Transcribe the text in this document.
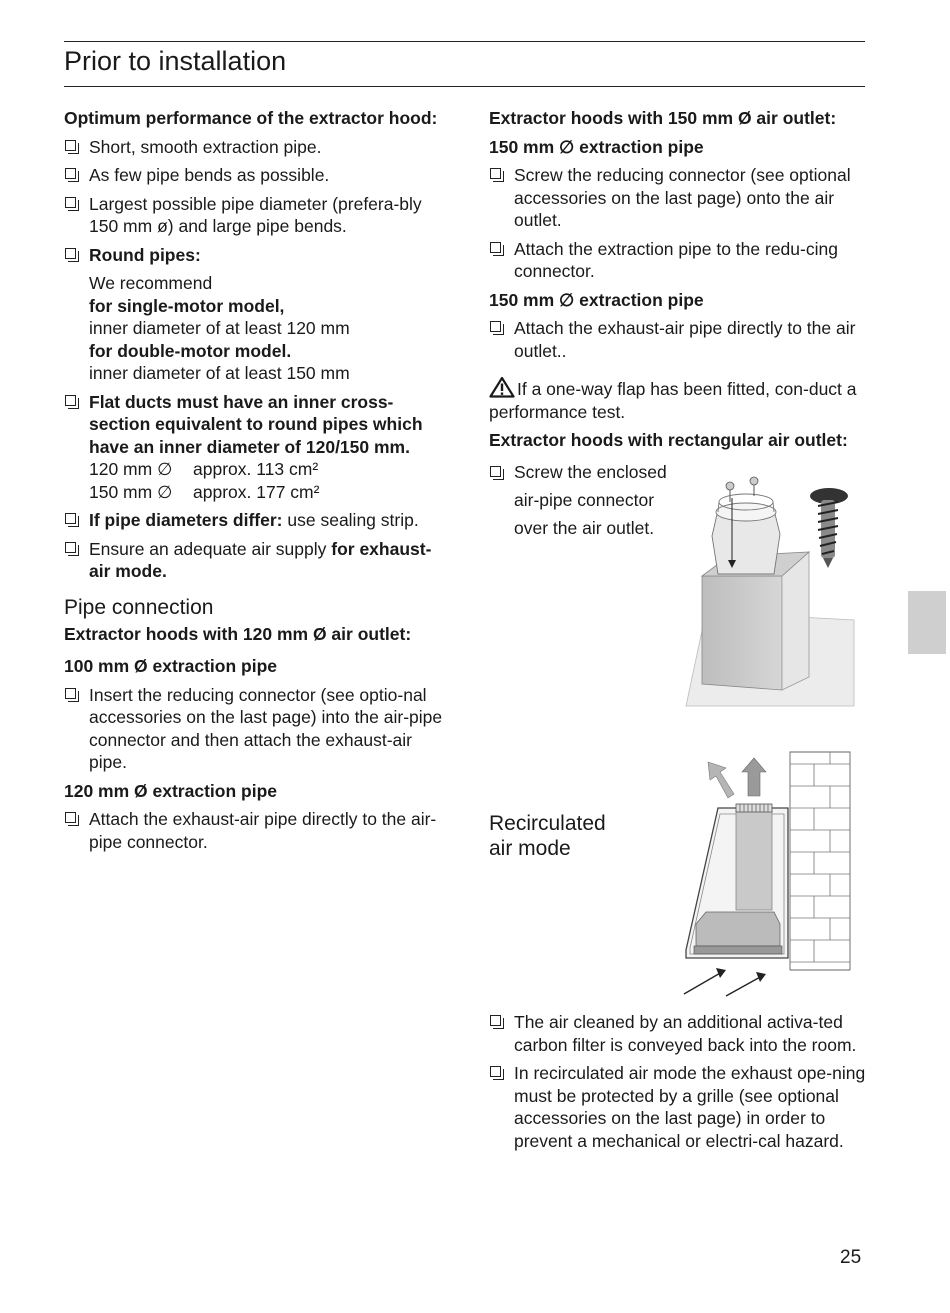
Prior to installation

Optimum performance of the extractor hood:

Short, smooth extraction pipe.
As few pipe bends as possible.
Largest possible pipe diameter (prefera-bly 150 mm ø) and large pipe bends.
Round pipes:
We recommend
for single-motor model,
inner diameter of at least 120 mm
for double-motor model.
inner diameter of at least 150 mm
Flat ducts must have an inner cross-section equivalent to round pipes which have an inner diameter of 120/150 mm.
120 mm ∅ approx. 113 cm²
150 mm ∅ approx. 177 cm²
If pipe diameters differ: use sealing strip.
Ensure an adequate air supply for exhaust-air mode.
Pipe connection

Extractor hoods with 120 mm Ø air outlet:

100 mm Ø extraction pipe

Insert the reducing connector (see optio-nal accessories on the last page) into the air-pipe connector and then attach the exhaust-air pipe.

120 mm Ø extraction pipe

Attach the exhaust-air pipe directly to the air-pipe connector.

Extractor hoods with 150 mm Ø air outlet:

150 mm ∅ extraction pipe

Screw the reducing connector (see optional accessories on the last page) onto the air outlet.
Attach the extraction pipe to the redu-cing connector.

150 mm ∅ extraction pipe

Attach the exhaust-air pipe directly to the air outlet..

If a one-way flap has been fitted, con-duct a performance test.

Extractor hoods with rectangular air outlet:

Screw the enclosed
air-pipe connector
over the air outlet.
Recirculated
air mode
The air cleaned by an additional activa-ted carbon filter is conveyed back into the room.
In recirculated air mode the exhaust ope-ning must be protected by a grille (see optional accessories on the last page) in order to prevent a mechanical or electri-cal hazard.
25
